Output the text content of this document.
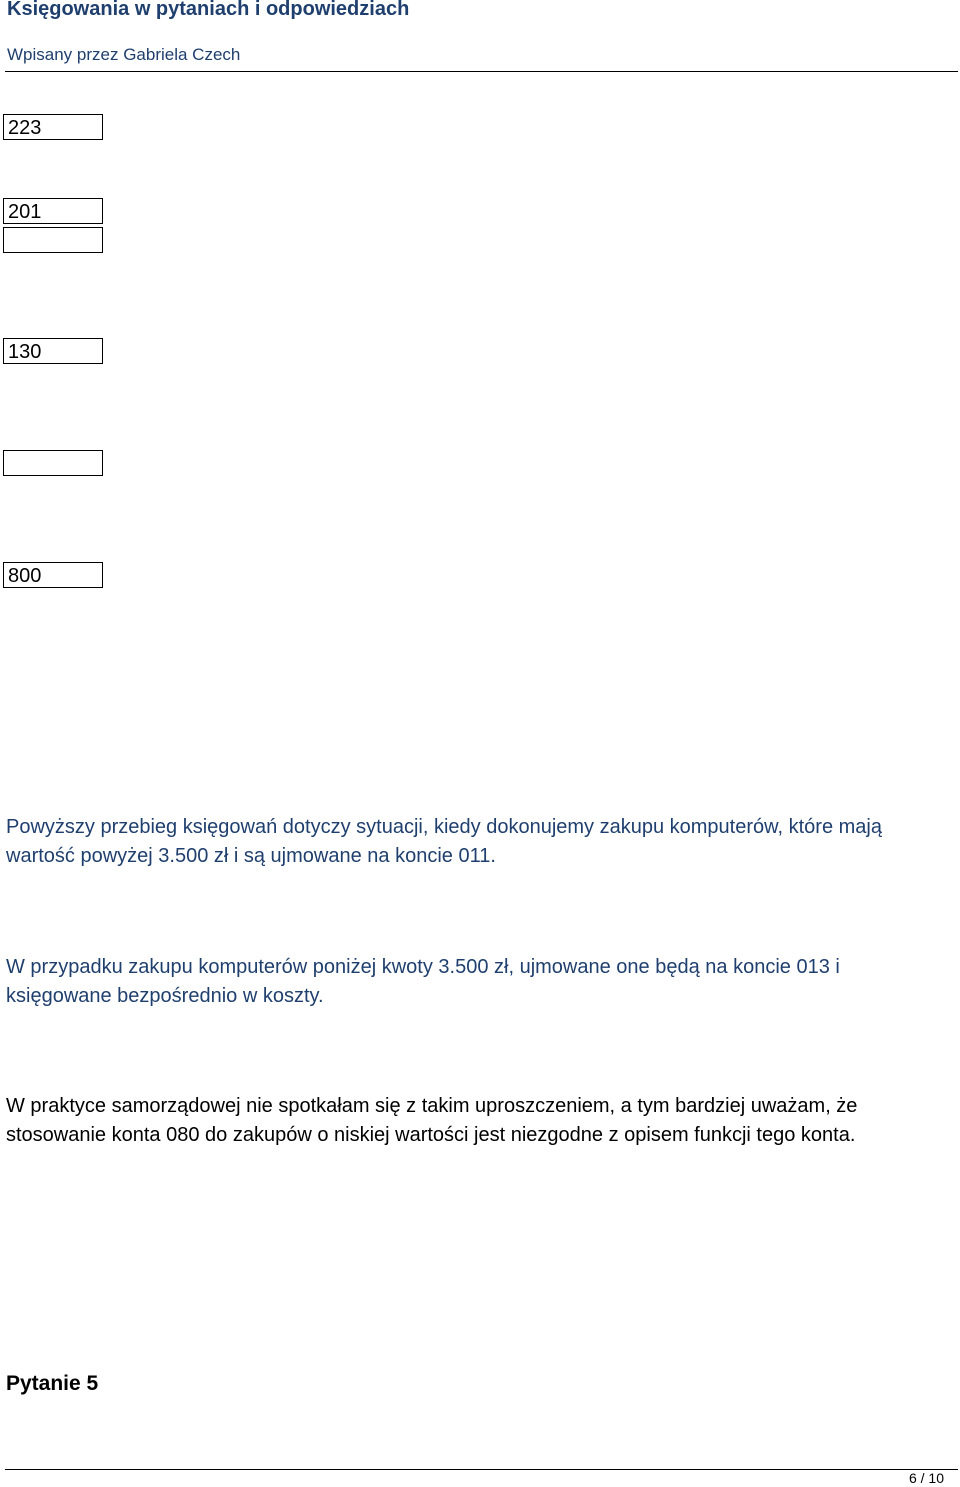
Księgowania w pytaniach i odpowiedziach
Wpisany przez Gabriela Czech
223
201
130
800

Powyższy przebieg księgowań dotyczy sytuacji, kiedy dokonujemy zakupu komputerów, które mają wartość powyżej 3.500 zł i są ujmowane na koncie 011.

W przypadku zakupu komputerów poniżej kwoty 3.500 zł, ujmowane one będą na koncie 013 i księgowane bezpośrednio w koszty.

W praktyce samorządowej nie spotkałam się z takim uproszczeniem, a tym bardziej uważam, że stosowanie konta 080 do zakupów o niskiej wartości jest niezgodne z opisem funkcji tego konta.

Pytanie 5

6 / 10
